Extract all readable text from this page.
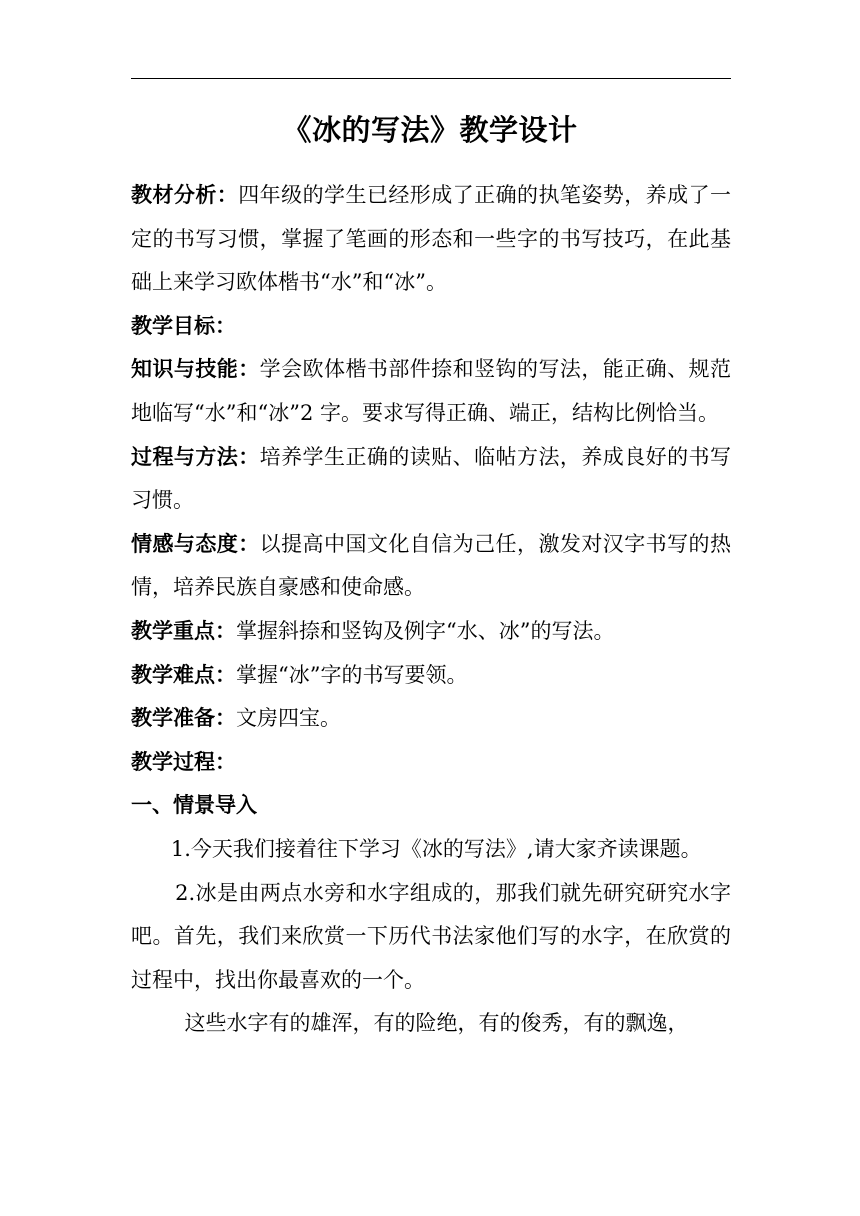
《冰的写法》教学设计

教材分析：四年级的学生已经形成了正确的执笔姿势，养成了一定的书写习惯，掌握了笔画的形态和一些字的书写技巧，在此基础上来学习欧体楷书“水”和“冰”。

教学目标：

知识与技能：学会欧体楷书部件捺和竖钩的写法，能正确、规范地临写“水”和“冰”2 字。要求写得正确、端正，结构比例恰当。

过程与方法：培养学生正确的读贴、临帖方法，养成良好的书写习惯。

情感与态度：以提高中国文化自信为己任，激发对汉字书写的热情，培养民族自豪感和使命感。

教学重点：掌握斜捺和竖钩及例字“水、冰”的写法。

教学难点：掌握“冰”字的书写要领。

教学准备：文房四宝。

教学过程：

一、情景导入

1.今天我们接着往下学习《冰的写法》,请大家齐读课题。

2.冰是由两点水旁和水字组成的，那我们就先研究研究水字吧。首先，我们来欣赏一下历代书法家他们写的水字，在欣赏的过程中，找出你最喜欢的一个。

这些水字有的雄浑，有的险绝，有的俊秀，有的飘逸，
